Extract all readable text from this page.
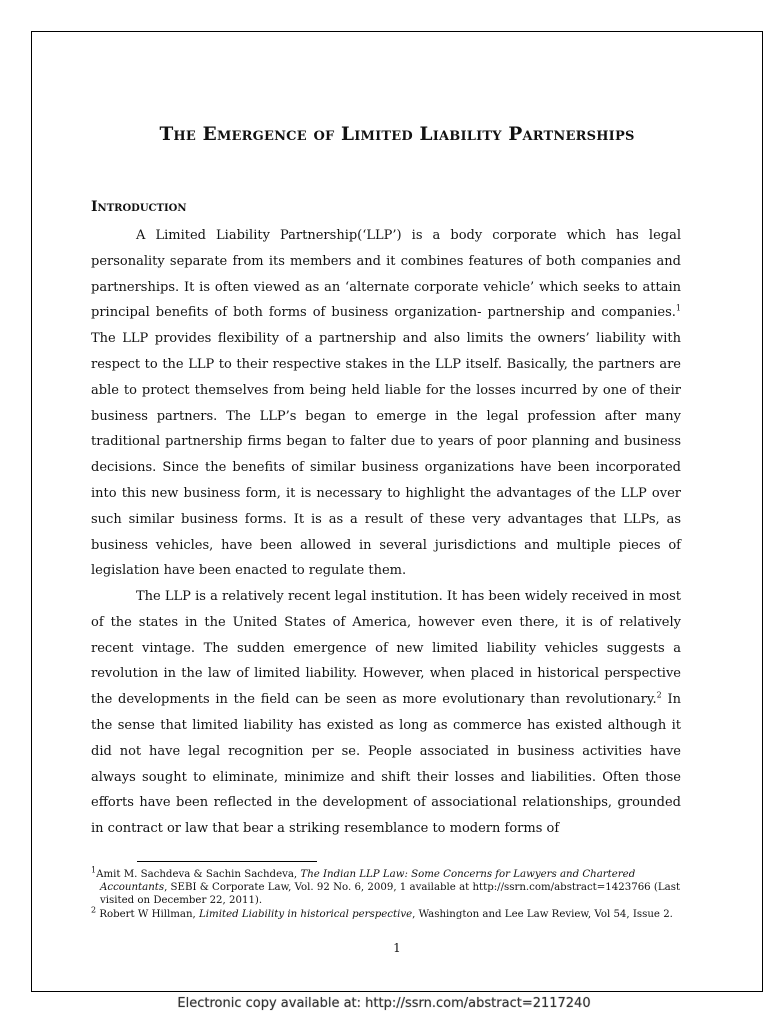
The Emergence of Limited Liability Partnerships
Introduction

A Limited Liability Partnership(‘LLP’) is a body corporate which has legal personality separate from its members and it combines features of both companies and partnerships. It is often viewed as an ‘alternate corporate vehicle’ which seeks to attain principal benefits of both forms of business organization- partnership and companies.$^1$ The LLP provides flexibility of a partnership and also limits the owners’ liability with respect to the LLP to their respective stakes in the LLP itself. Basically, the partners are able to protect themselves from being held liable for the losses incurred by one of their business partners. The LLP’s began to emerge in the legal profession after many traditional partnership firms began to falter due to years of poor planning and business decisions. Since the benefits of similar business organizations have been incorporated into this new business form, it is necessary to highlight the advantages of the LLP over such similar business forms. It is as a result of these very advantages that LLPs, as business vehicles, have been allowed in several jurisdictions and multiple pieces of legislation have been enacted to regulate them.

The LLP is a relatively recent legal institution. It has been widely received in most of the states in the United States of America, however even there, it is of relatively recent vintage. The sudden emergence of new limited liability vehicles suggests a revolution in the law of limited liability. However, when placed in historical perspective the developments in the field can be seen as more evolutionary than revolutionary.$^2$ In the sense that limited liability has existed as long as commerce has existed although it did not have legal recognition per se. People associated in business activities have always sought to eliminate, minimize and shift their losses and liabilities. Often those efforts have been reflected in the development of associational relationships, grounded in contract or law that bear a striking resemblance to modern forms of

$^1$Amit M. Sachdeva & Sachin Sachdeva, The Indian LLP Law: Some Concerns for Lawyers and Chartered Accountants, SEBI & Corporate Law, Vol. 92 No. 6, 2009, 1 available at http://ssrn.com/abstract=1423766 (Last visited on December 22, 2011).

$^2$ Robert W Hillman, Limited Liability in historical perspective, Washington and Lee Law Review, Vol 54, Issue 2.

1
Electronic copy available at: http://ssrn.com/abstract=2117240
